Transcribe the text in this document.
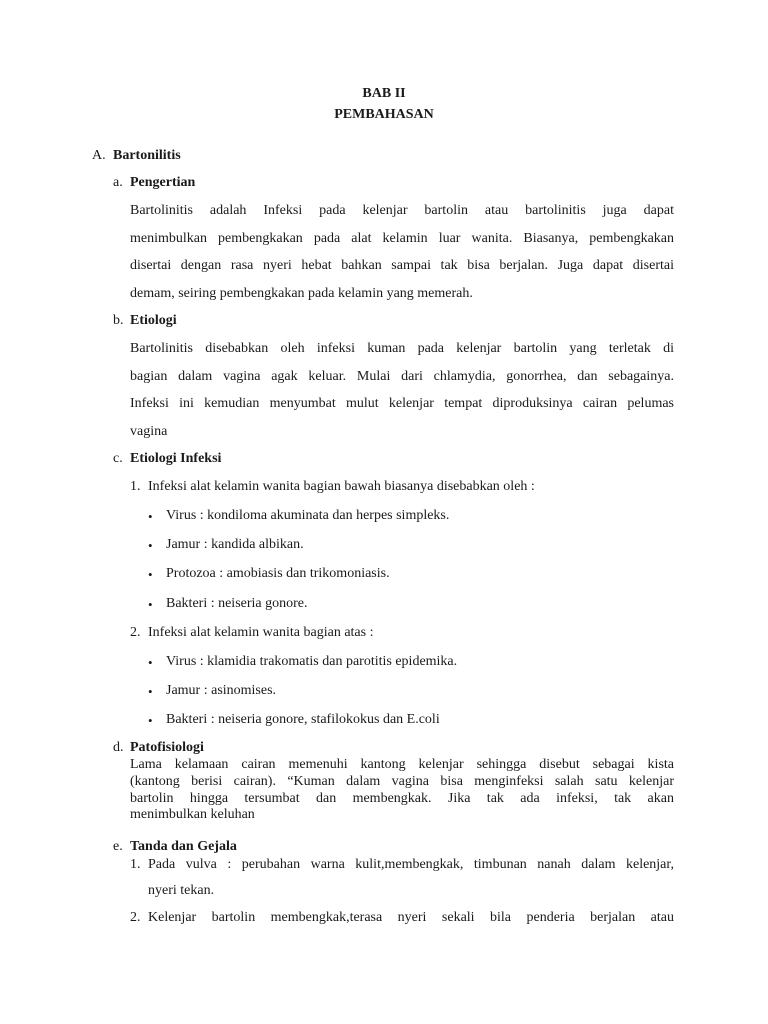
BAB II
PEMBAHASAN
A. Bartonilitis
a. Pengertian
Bartolinitis adalah Infeksi pada kelenjar bartolin atau bartolinitis juga dapat
menimbulkan pembengkakan pada alat kelamin luar wanita. Biasanya, pembengkakan
disertai dengan rasa nyeri hebat bahkan sampai tak bisa berjalan. Juga dapat disertai
demam, seiring pembengkakan pada kelamin yang memerah.
b. Etiologi
Bartolinitis disebabkan oleh infeksi kuman pada kelenjar bartolin yang terletak di
bagian dalam vagina agak keluar. Mulai dari chlamydia, gonorrhea, dan sebagainya.
Infeksi ini kemudian menyumbat mulut kelenjar tempat diproduksinya cairan pelumas
vagina
c. Etiologi Infeksi
1. Infeksi alat kelamin wanita bagian bawah biasanya disebabkan oleh :
• Virus : kondiloma akuminata dan herpes simpleks.
• Jamur : kandida albikan.
• Protozoa : amobiasis dan trikomoniasis.
• Bakteri : neiseria gonore.
2. Infeksi alat kelamin wanita bagian atas :
• Virus : klamidia trakomatis dan parotitis epidemika.
• Jamur : asinomises.
• Bakteri : neiseria gonore, stafilokokus dan E.coli
d. Patofisiologi
Lama kelamaan cairan memenuhi kantong kelenjar sehingga disebut sebagai kista
(kantong berisi cairan). “Kuman dalam vagina bisa menginfeksi salah satu kelenjar
bartolin hingga tersumbat dan membengkak. Jika tak ada infeksi, tak akan
menimbulkan keluhan
e. Tanda dan Gejala
1. Pada vulva : perubahan warna kulit,membengkak, timbunan nanah dalam kelenjar,
nyeri tekan.
2. Kelenjar bartolin membengkak,terasa nyeri sekali bila penderia berjalan atau
